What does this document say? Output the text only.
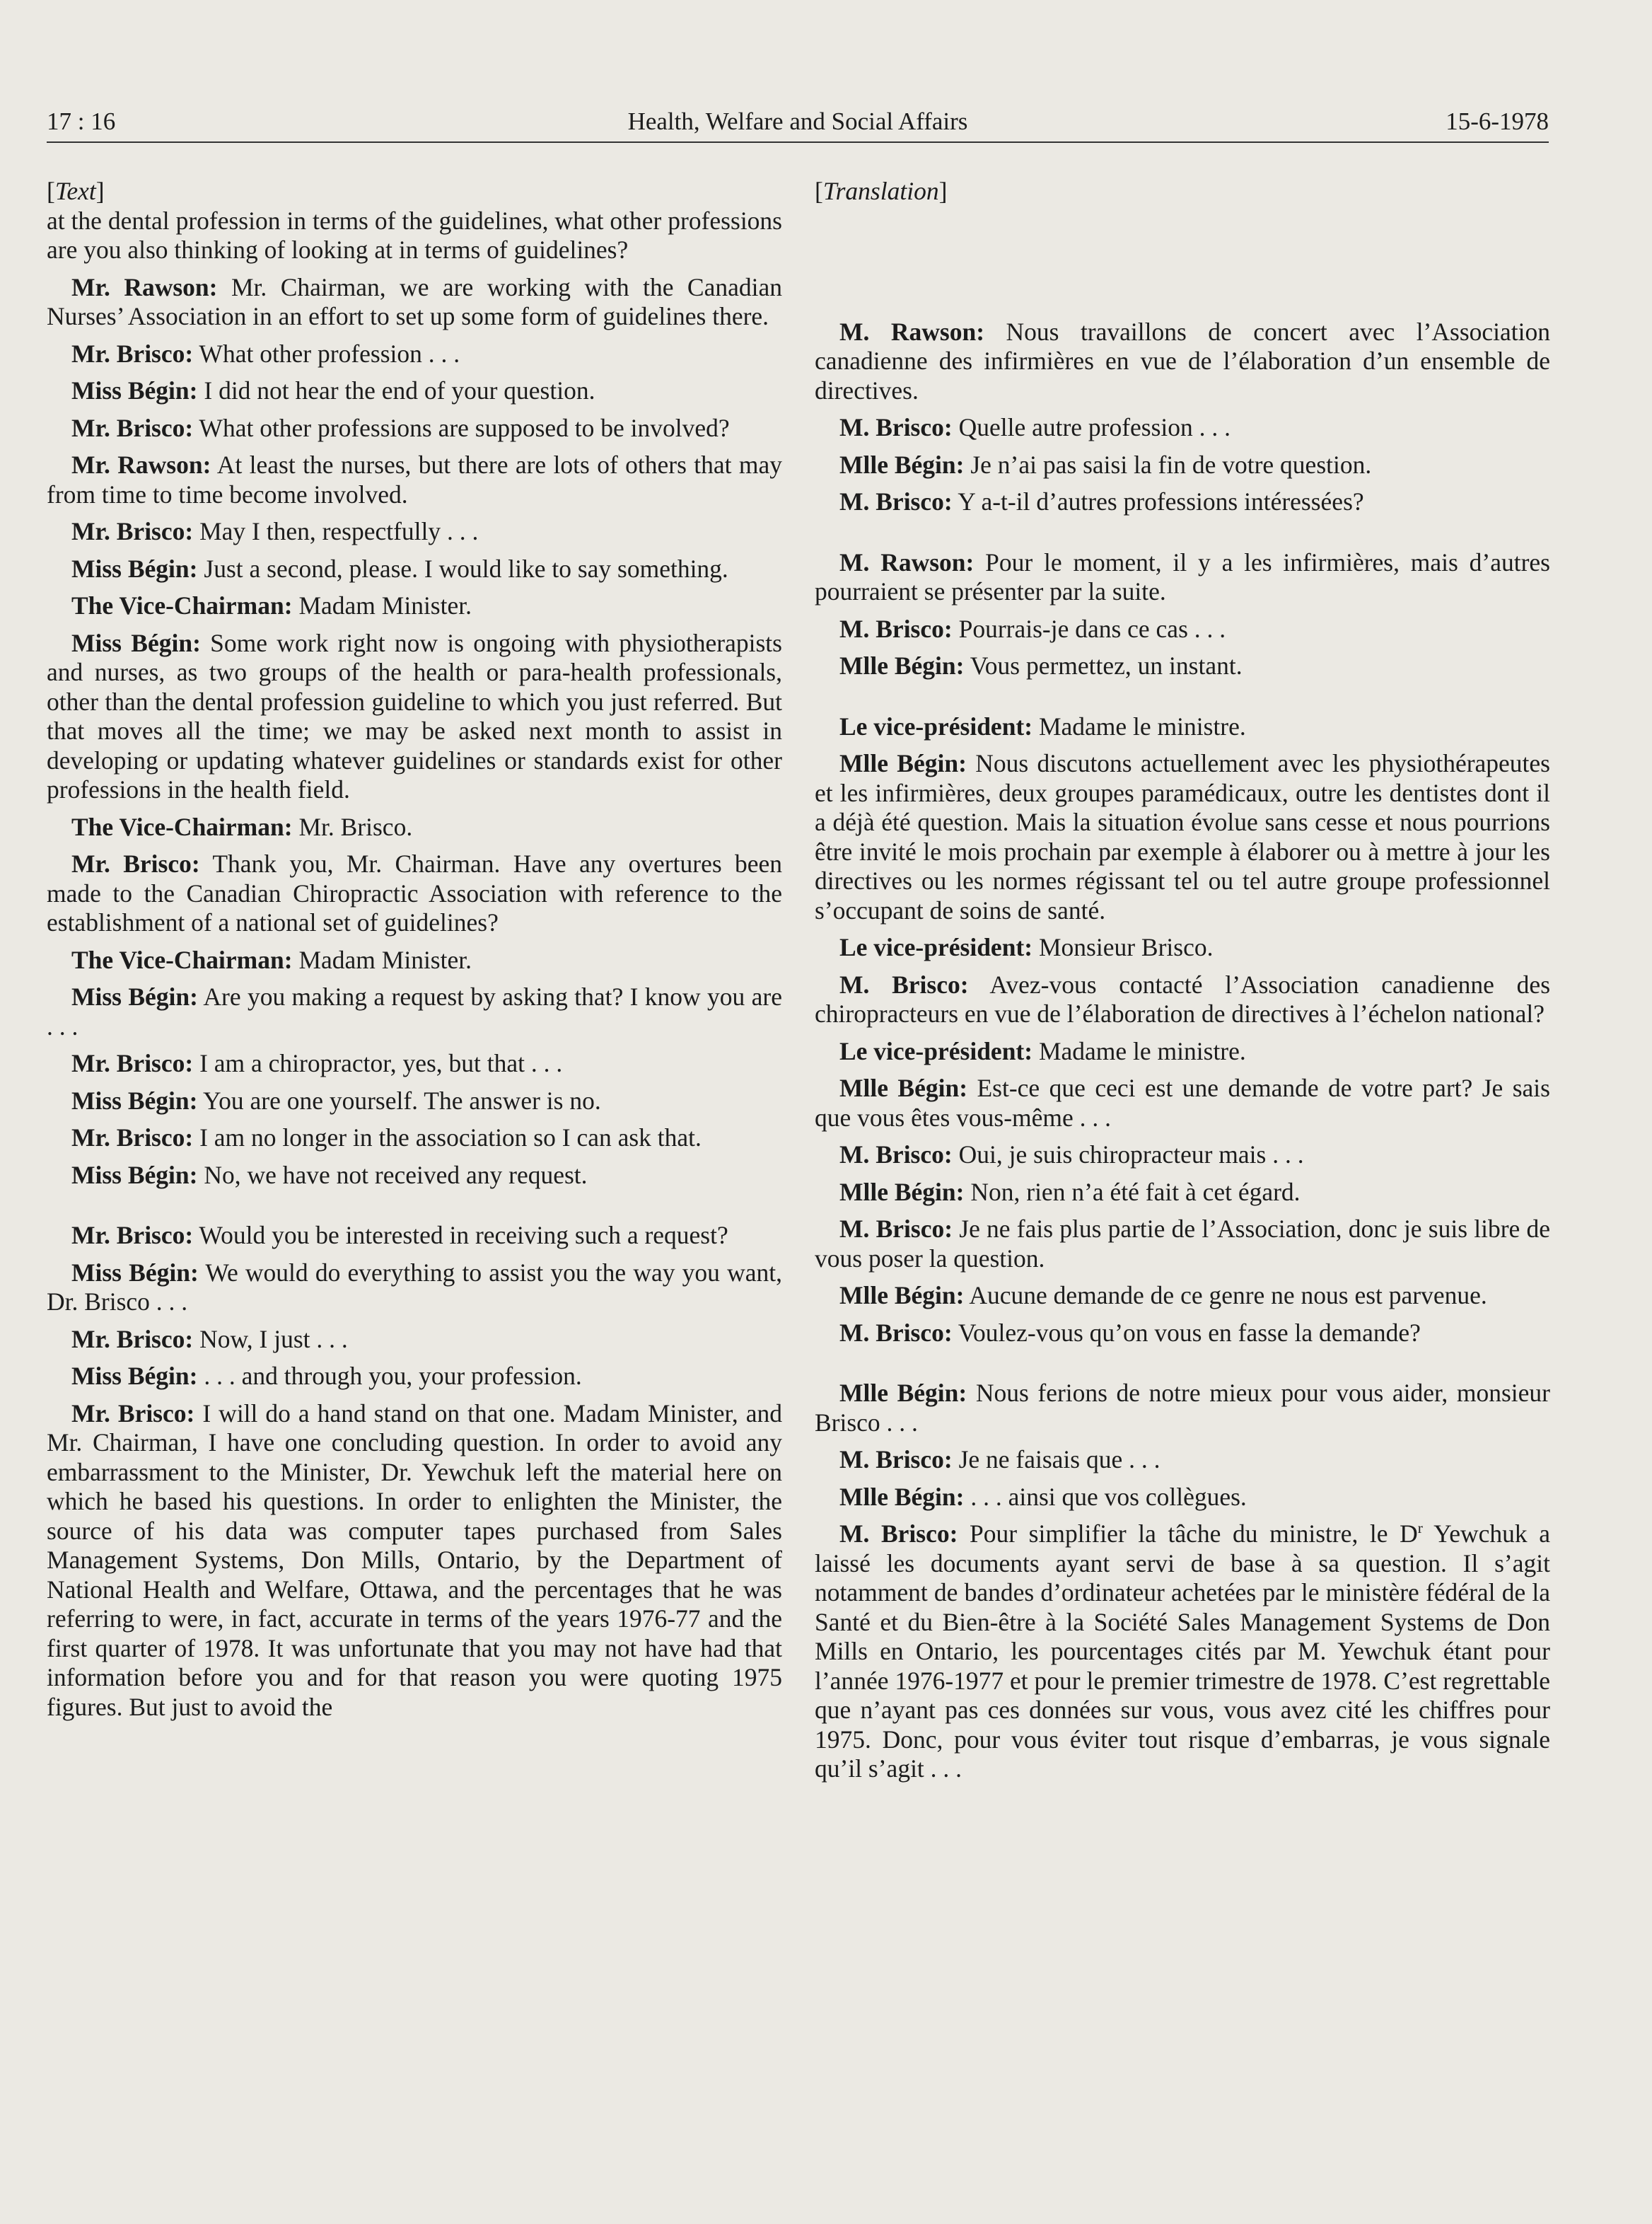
17 : 16	Health, Welfare and Social Affairs	15-6-1978

[Text]

at the dental profession in terms of the guidelines, what other professions are you also thinking of looking at in terms of guidelines?

Mr. Rawson: Mr. Chairman, we are working with the Canadian Nurses’ Association in an effort to set up some form of guidelines there.

Mr. Brisco: What other profession . . .

Miss Bégin: I did not hear the end of your question.

Mr. Brisco: What other professions are supposed to be involved?

Mr. Rawson: At least the nurses, but there are lots of others that may from time to time become involved.

Mr. Brisco: May I then, respectfully . . .

Miss Bégin: Just a second, please. I would like to say something.

The Vice-Chairman: Madam Minister.

Miss Bégin: Some work right now is ongoing with physiotherapists and nurses, as two groups of the health or para-health professionals, other than the dental profession guideline to which you just referred. But that moves all the time; we may be asked next month to assist in developing or updating whatever guidelines or standards exist for other professions in the health field.

The Vice-Chairman: Mr. Brisco.

Mr. Brisco: Thank you, Mr. Chairman. Have any overtures been made to the Canadian Chiropractic Association with reference to the establishment of a national set of guidelines?

The Vice-Chairman: Madam Minister.

Miss Bégin: Are you making a request by asking that? I know you are . . .

Mr. Brisco: I am a chiropractor, yes, but that . . .

Miss Bégin: You are one yourself. The answer is no.

Mr. Brisco: I am no longer in the association so I can ask that.

Miss Bégin: No, we have not received any request.

Mr. Brisco: Would you be interested in receiving such a request?

Miss Bégin: We would do everything to assist you the way you want, Dr. Brisco . . .

Mr. Brisco: Now, I just . . .

Miss Bégin: . . . and through you, your profession.

Mr. Brisco: I will do a hand stand on that one. Madam Minister, and Mr. Chairman, I have one concluding question. In order to avoid any embarrassment to the Minister, Dr. Yewchuk left the material here on which he based his questions. In order to enlighten the Minister, the source of his data was computer tapes purchased from Sales Management Systems, Don Mills, Ontario, by the Department of National Health and Welfare, Ottawa, and the percentages that he was referring to were, in fact, accurate in terms of the years 1976-77 and the first quarter of 1978. It was unfortunate that you may not have had that information before you and for that reason you were quoting 1975 figures. But just to avoid the

[Translation]

M. Rawson: Nous travaillons de concert avec l’Association canadienne des infirmières en vue de l’élaboration d’un ensemble de directives.

M. Brisco: Quelle autre profession . . .

Mlle Bégin: Je n’ai pas saisi la fin de votre question.

M. Brisco: Y a-t-il d’autres professions intéressées?

M. Rawson: Pour le moment, il y a les infirmières, mais d’autres pourraient se présenter par la suite.

M. Brisco: Pourrais-je dans ce cas . . .

Mlle Bégin: Vous permettez, un instant.

Le vice-président: Madame le ministre.

Mlle Bégin: Nous discutons actuellement avec les physiothérapeutes et les infirmières, deux groupes paramédicaux, outre les dentistes dont il a déjà été question. Mais la situation évolue sans cesse et nous pourrions être invité le mois prochain par exemple à élaborer ou à mettre à jour les directives ou les normes régissant tel ou tel autre groupe professionnel s’occupant de soins de santé.

Le vice-président: Monsieur Brisco.

M. Brisco: Avez-vous contacté l’Association canadienne des chiropracteurs en vue de l’élaboration de directives à l’échelon national?

Le vice-président: Madame le ministre.

Mlle Bégin: Est-ce que ceci est une demande de votre part? Je sais que vous êtes vous-même . . .

M. Brisco: Oui, je suis chiropracteur mais . . .

Mlle Bégin: Non, rien n’a été fait à cet égard.

M. Brisco: Je ne fais plus partie de l’Association, donc je suis libre de vous poser la question.

Mlle Bégin: Aucune demande de ce genre ne nous est parvenue.

M. Brisco: Voulez-vous qu’on vous en fasse la demande?

Mlle Bégin: Nous ferions de notre mieux pour vous aider, monsieur Brisco . . .

M. Brisco: Je ne faisais que . . .

Mlle Bégin: . . . ainsi que vos collègues.

M. Brisco: Pour simplifier la tâche du ministre, le $D^r$ Yewchuk a laissé les documents ayant servi de base à sa question. Il s’agit notamment de bandes d’ordinateur achetées par le ministère fédéral de la Santé et du Bien-être à la Société Sales Management Systems de Don Mills en Ontario, les pourcentages cités par M. Yewchuk étant pour l’année 1976-1977 et pour le premier trimestre de 1978. C’est regrettable que n’ayant pas ces données sur vous, vous avez cité les chiffres pour 1975. Donc, pour vous éviter tout risque d’embarras, je vous signale qu’il s’agit . . .
